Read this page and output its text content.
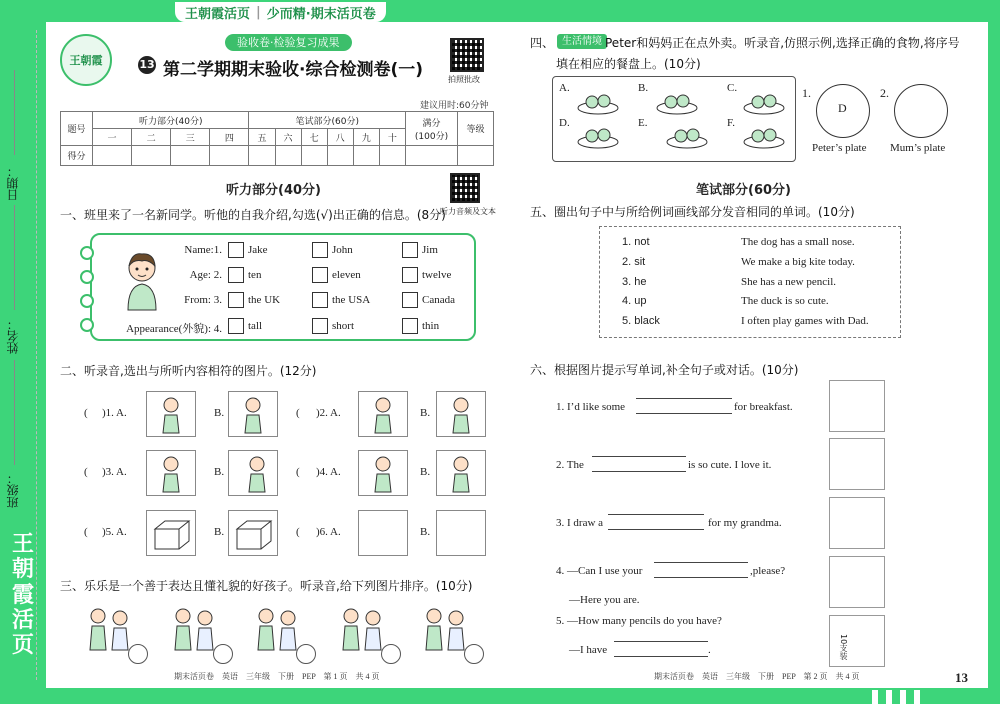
王朝霞活页 | 少而精·期末活页卷
日期：
姓名：
班级：
王朝霞活页
王朝霞
验收卷·检验复习成果
13 第二学期期末验收·综合检测卷(一)	拍照批改
建议用时:60分钟
题号	听力部分(40分)				笔试部分(60分)						满分
(100分)	等级
	一	二	三	四	五	六	七	八	九	十		
得分												
听力部分(40分)
听力音频及文本
一、班里来了一名新同学。听他的自我介绍,勾选(√)出正确的信息。(8分)
二、听录音,选出与所听内容相符的图片。(12分)
三、乐乐是一个善于表达且懂礼貌的好孩子。听录音,给下列图片排序。(10分)
期末活页卷　英语　三年级　下册　PEP　第 1 页　共 4 页	期末活页卷　英语　三年级　下册　PEP　第 2 页　共 4 页	13
四、 生活情境 Peter和妈妈正在点外卖。听录音,仿照示例,选择正确的食物,将序号
填在相应的餐盘上。(10分)
笔试部分(60分)
五、圈出句子中与所给例词画线部分发音相同的单词。(10分)
六、根据图片提示写单词,补全句子或对话。(10分)
Name:1. Jake	John	Jim
Age: 2. ten	eleven	twelve
From: 3. the UK	the USA	Canada
Appearance(外貌): 4. tall	short	thin
( )1. A.	B.	( )2. A.	B.
( )3. A.	B.	( )4. A.	B.
( )5. A.	B.	( )6. A.	B.
A.	B.	C.
D.	E.	F.
1.
D
Peter’s plate
2.
Mum’s plate
1. not	The dog has a small nose.
2. sit	We make a big kite today.
3. he	She has a new pencil.
4. up	The duck is so cute.
5. black	I often play games with Dad.
1. I’d like some	for breakfast.
2. The	is so cute. I love it.
3. I draw a	for my grandma.
4. —Can I use your	,please?
—Here you are.
5. —How many pencils do you have?
—I have	.	10支装
